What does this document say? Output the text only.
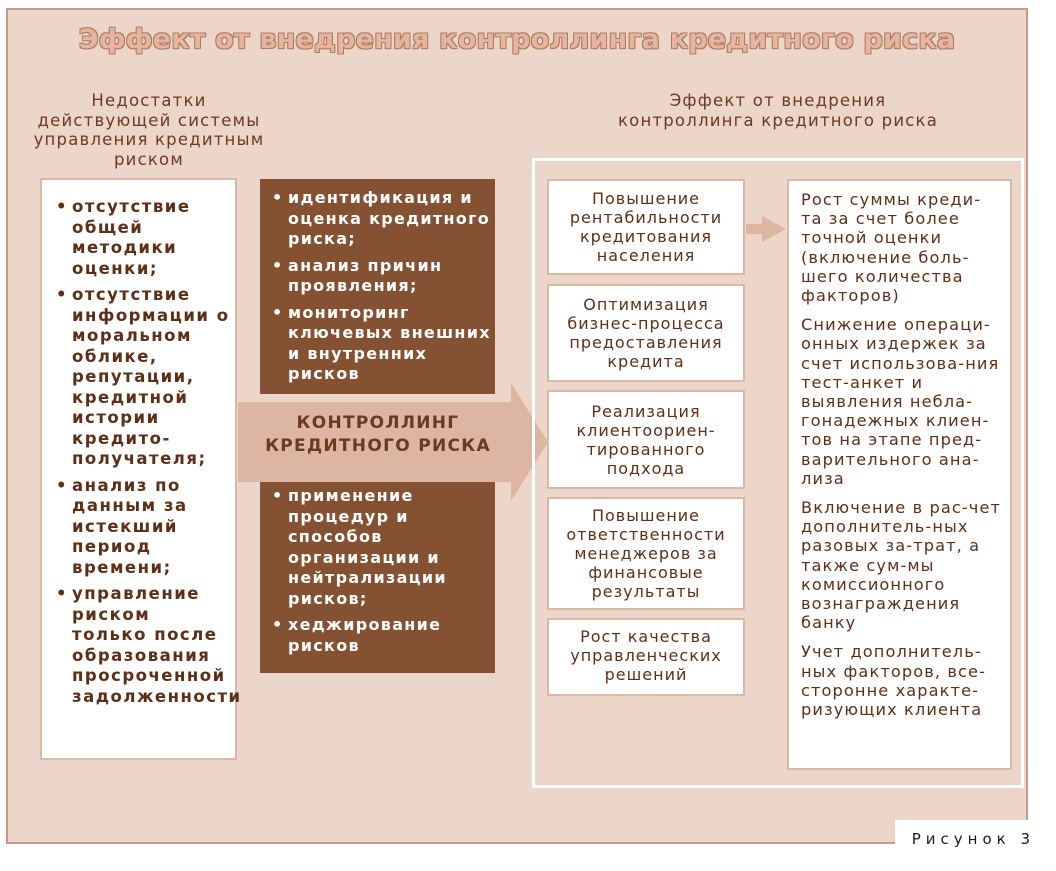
Эффект от внедрения контроллинга кредитного риска
Недостатки
действующей системы
управления кредитным
риском
Эффект от внедрения
контроллинга кредитного риска
• отсутствие общей методики оценки;
• отсутствие информации о моральном облике, репутации, кредитной истории кредито-получателя;
• анализ по данным за истекший период времени;
• управление риском только после образования просроченной задолженности
• идентификация и оценка кредитного риска;
• анализ причин проявления;
• мониторинг ключевых внешних и внутренних рисков
• применение процедур и способов организации и нейтрализации рисков;
• хеджирование рисков
КОНТРОЛЛИНГ
КРЕДИТНОГО РИСКА
Повышение рентабильности кредитования населения
Оптимизация бизнес-процесса предоставления кредита
Реализация клиентоориен-тированного подхода
Повышение ответственности менеджеров за финансовые результаты
Рост качества управленческих решений

Рост суммы креди-та за счет более точной оценки (включение боль-шего количества факторов)

Снижение операци-онных издержек за счет использова-ния тест-анкет и выявления небла-гонадежных клиен-тов на этапе пред-варительного ана-лиза

Включение в рас-чет дополнитель-ных разовых за-трат, а также сум-мы комиссионного вознаграждения банку

Учет дополнитель-ных факторов, все-сторонне характе-ризующих клиента

Рисунок 3
